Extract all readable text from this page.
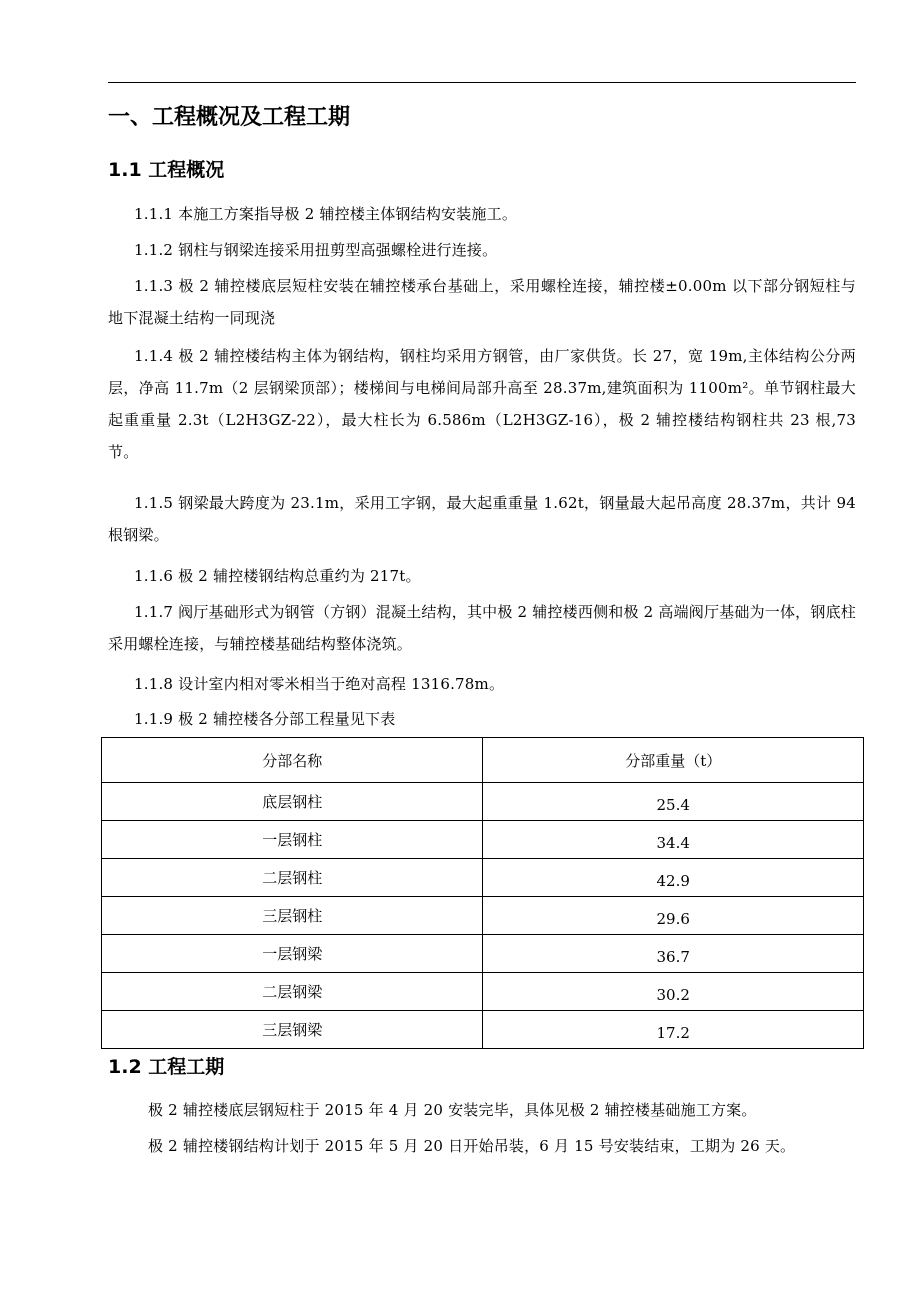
一、工程概况及工程工期
1.1 工程概况
1.1.1 本施工方案指导极 2 辅控楼主体钢结构安装施工。
1.1.2 钢柱与钢梁连接采用扭剪型高强螺栓进行连接。
1.1.3 极 2 辅控楼底层短柱安装在辅控楼承台基础上，采用螺栓连接，辅控楼±0.00m 以下部分钢短柱与地下混凝土结构一同现浇
1.1.4 极 2 辅控楼结构主体为钢结构，钢柱均采用方钢管，由厂家供货。长 27，宽 19m,主体结构公分两层，净高 11.7m（2 层钢梁顶部）；楼梯间与电梯间局部升高至 28.37m,建筑面积为 1100m²。单节钢柱最大起重重量 2.3t（L2H3GZ-22），最大柱长为 6.586m（L2H3GZ-16），极 2 辅控楼结构钢柱共 23 根,73 节。
1.1.5 钢梁最大跨度为 23.1m，采用工字钢，最大起重重量 1.62t，钢量最大起吊高度 28.37m，共计 94 根钢梁。
1.1.6 极 2 辅控楼钢结构总重约为 217t。
1.1.7 阀厅基础形式为钢管（方钢）混凝土结构，其中极 2 辅控楼西侧和极 2 高端阀厅基础为一体，钢底柱采用螺栓连接，与辅控楼基础结构整体浇筑。
1.1.8 设计室内相对零米相当于绝对高程 1316.78m。
1.1.9 极 2 辅控楼各分部工程量见下表
分部名称	分部重量（t）
底层钢柱	25.4
一层钢柱	34.4
二层钢柱	42.9
三层钢柱	29.6
一层钢梁	36.7
二层钢梁	30.2
三层钢梁	17.2
1.2 工程工期
极 2 辅控楼底层钢短柱于 2015 年 4 月 20 安装完毕，具体见极 2 辅控楼基础施工方案。
极 2 辅控楼钢结构计划于 2015 年 5 月 20 日开始吊装，6 月 15 号安装结束，工期为 26 天。
